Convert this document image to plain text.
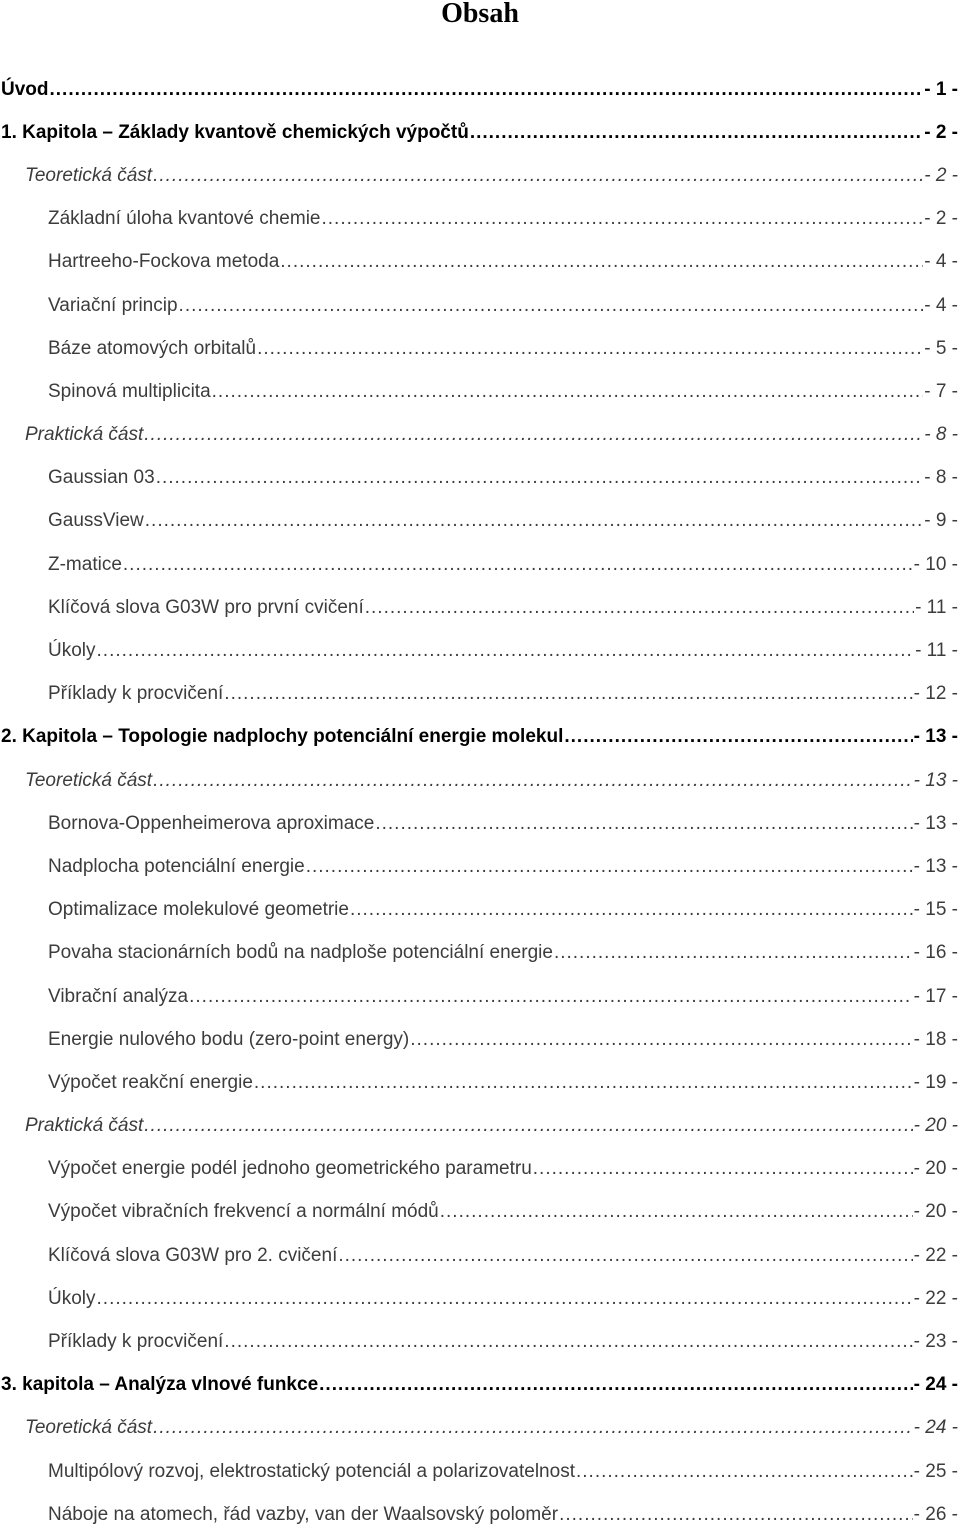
Obsah
Úvod .....	- 1 -
1. Kapitola – Základy kvantově chemických výpočtů .....	- 2 -
Teoretická část .....	- 2 -
Základní úloha kvantové chemie .....	- 2 -
Hartreeho-Fockova metoda .....	- 4 -
Variační princip .....	- 4 -
Báze atomových orbitalů .....	- 5 -
Spinová multiplicita .....	- 7 -
Praktická část .....	- 8 -
Gaussian 03 .....	- 8 -
GaussView .....	- 9 -
Z-matice .....	- 10 -
Klíčová slova G03W pro první cvičení .....	- 11 -
Úkoly .....	- 11 -
Příklady k procvičení .....	- 12 -
2. Kapitola – Topologie nadplochy potenciální energie molekul .....	- 13 -
Teoretická část .....	- 13 -
Bornova-Oppenheimerova aproximace .....	- 13 -
Nadplocha potenciální energie .....	- 13 -
Optimalizace molekulové geometrie .....	- 15 -
Povaha stacionárních bodů na nadploše potenciální energie .....	- 16 -
Vibrační analýza .....	- 17 -
Energie nulového bodu (zero-point energy) .....	- 18 -
Výpočet reakční energie .....	- 19 -
Praktická část .....	- 20 -
Výpočet energie podél jednoho geometrického parametru .....	- 20 -
Výpočet vibračních frekvencí a normální módů .....	- 20 -
Klíčová slova G03W pro 2. cvičení .....	- 22 -
Úkoly .....	- 22 -
Příklady k procvičení .....	- 23 -
3. kapitola – Analýza vlnové funkce .....	- 24 -
Teoretická část .....	- 24 -
Multipólový rozvoj, elektrostatický potenciál a polarizovatelnost .....	- 25 -
Náboje na atomech, řád vazby, van der Waalsovský poloměr .....	- 26 -
